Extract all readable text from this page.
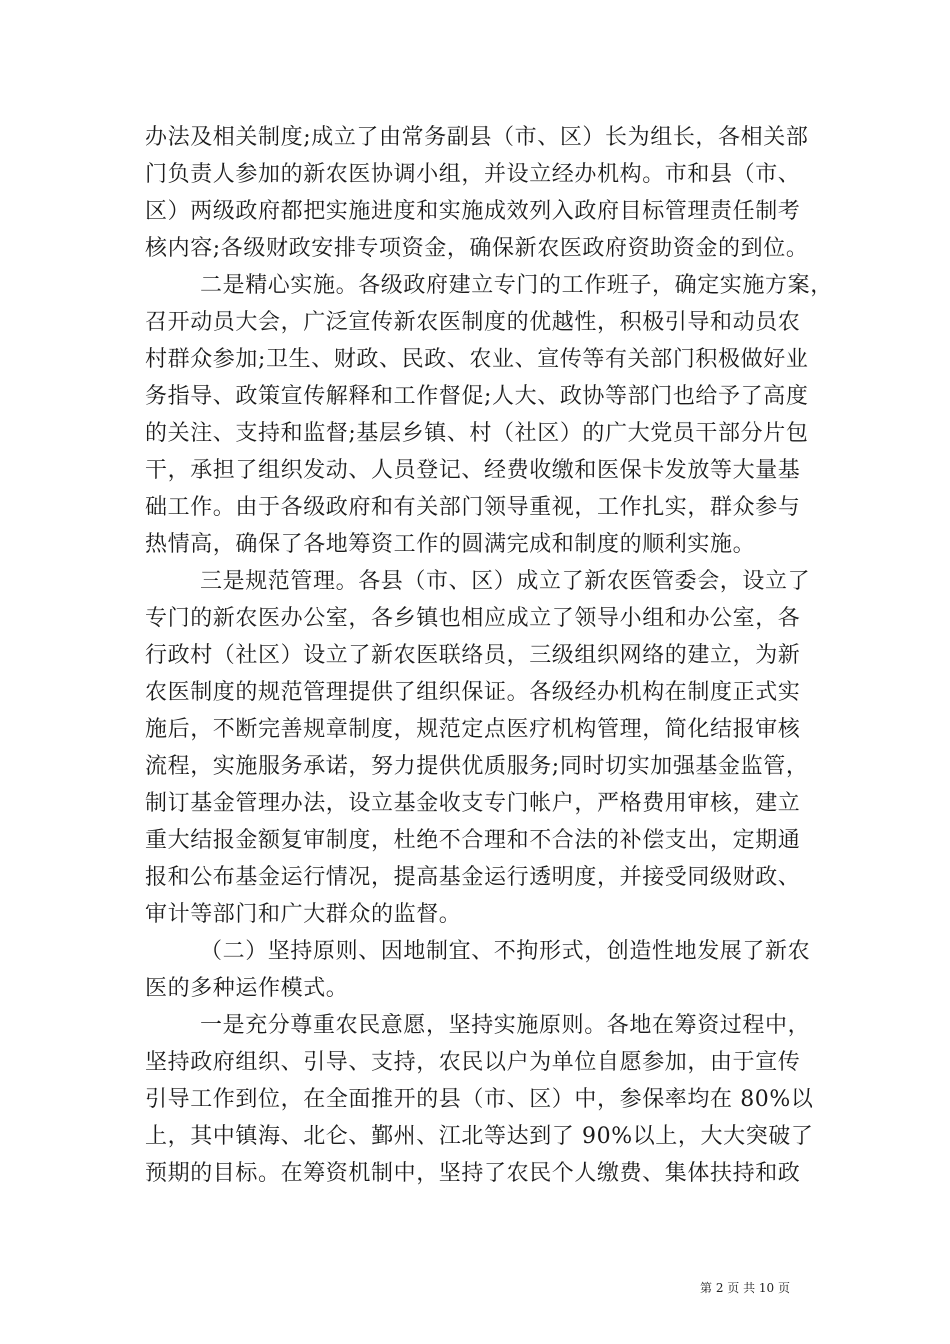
办法及相关制度;成立了由常务副县（市、区）长为组长，各相关部
门负责人参加的新农医协调小组，并设立经办机构。市和县（市、
区）两级政府都把实施进度和实施成效列入政府目标管理责任制考
核内容;各级财政安排专项资金，确保新农医政府资助资金的到位。
二是精心实施。各级政府建立专门的工作班子，确定实施方案，
召开动员大会，广泛宣传新农医制度的优越性，积极引导和动员农
村群众参加;卫生、财政、民政、农业、宣传等有关部门积极做好业
务指导、政策宣传解释和工作督促;人大、政协等部门也给予了高度
的关注、支持和监督;基层乡镇、村（社区）的广大党员干部分片包
干，承担了组织发动、人员登记、经费收缴和医保卡发放等大量基
础工作。由于各级政府和有关部门领导重视，工作扎实，群众参与
热情高，确保了各地筹资工作的圆满完成和制度的顺利实施。
三是规范管理。各县（市、区）成立了新农医管委会，设立了
专门的新农医办公室，各乡镇也相应成立了领导小组和办公室，各
行政村（社区）设立了新农医联络员，三级组织网络的建立，为新
农医制度的规范管理提供了组织保证。各级经办机构在制度正式实
施后，不断完善规章制度，规范定点医疗机构管理，简化结报审核
流程，实施服务承诺，努力提供优质服务;同时切实加强基金监管，
制订基金管理办法，设立基金收支专门帐户，严格费用审核，建立
重大结报金额复审制度，杜绝不合理和不合法的补偿支出，定期通
报和公布基金运行情况，提高基金运行透明度，并接受同级财政、
审计等部门和广大群众的监督。
（二）坚持原则、因地制宜、不拘形式，创造性地发展了新农
医的多种运作模式。
一是充分尊重农民意愿，坚持实施原则。各地在筹资过程中，
坚持政府组织、引导、支持，农民以户为单位自愿参加，由于宣传
引导工作到位，在全面推开的县（市、区）中，参保率均在 80%以
上，其中镇海、北仑、鄞州、江北等达到了 90%以上，大大突破了
预期的目标。在筹资机制中，坚持了农民个人缴费、集体扶持和政
第 2 页 共 10 页
